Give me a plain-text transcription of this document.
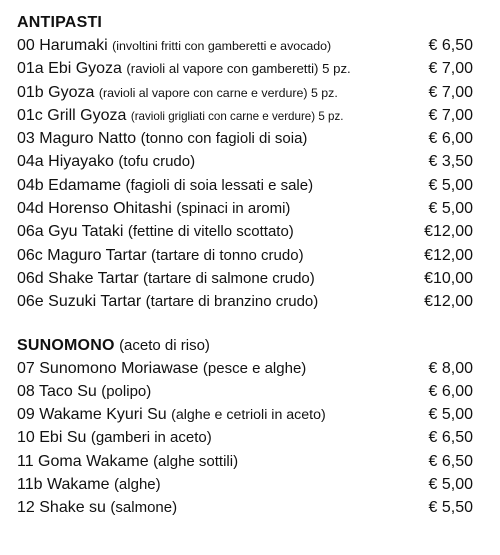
ANTIPASTI
00 Harumaki (involtini fritti con gamberetti e avocado)	€ 6,50
01a Ebi Gyoza (ravioli al vapore con gamberetti) 5 pz.	€ 7,00
01b Gyoza (ravioli al vapore con carne e verdure) 5 pz.	€ 7,00
01c Grill Gyoza (ravioli grigliati con carne e verdure) 5 pz.	€ 7,00
03 Maguro Natto (tonno con fagioli di soia)	€ 6,00
04a Hiyayako (tofu crudo)	€ 3,50
04b Edamame (fagioli di soia lessati e sale)	€ 5,00
04d Horenso Ohitashi (spinaci in aromi)	€ 5,00
06a Gyu Tataki (fettine di vitello scottato)	€12,00
06c Maguro Tartar (tartare di tonno crudo)	€12,00
06d Shake Tartar (tartare di salmone crudo)	€10,00
06e Suzuki Tartar (tartare di branzino crudo)	€12,00
SUNOMONO (aceto di riso)
07 Sunomono Moriawase (pesce e alghe)	€ 8,00
08 Taco Su (polipo)	€ 6,00
09 Wakame Kyuri Su (alghe e cetrioli in aceto)	€ 5,00
10 Ebi Su (gamberi in aceto)	€ 6,50
11 Goma Wakame (alghe sottili)	€ 6,50
11b Wakame (alghe)	€ 5,00
12 Shake su (salmone)	€ 5,50
